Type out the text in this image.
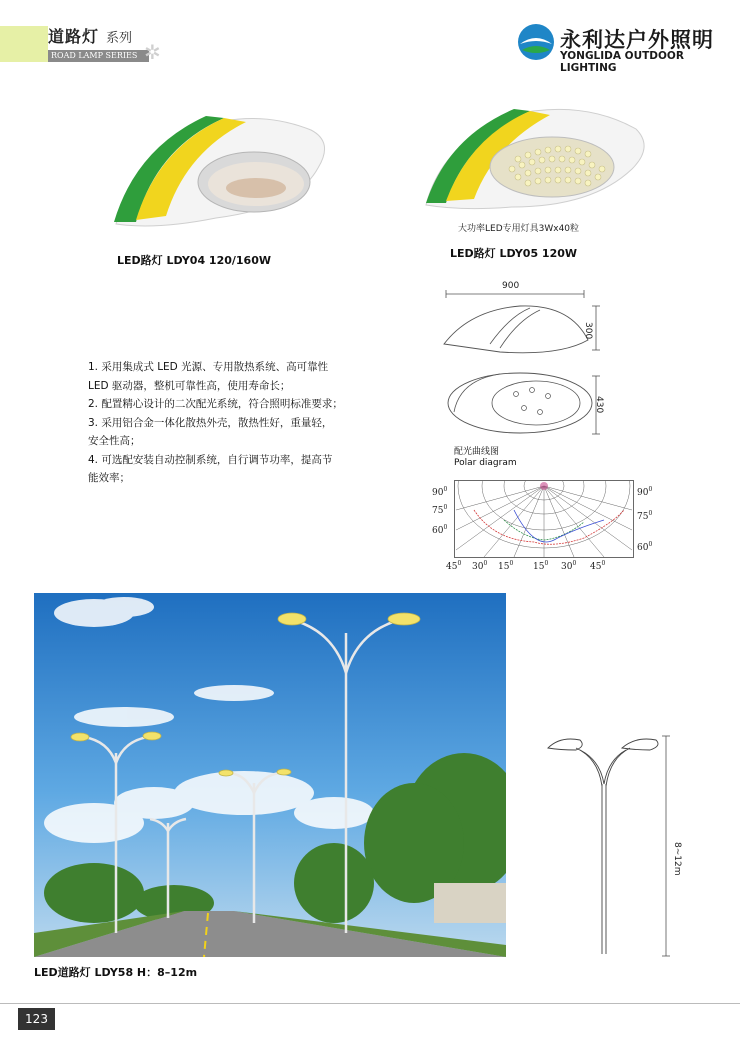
道路灯 系列
ROAD LAMP SERIES ✲	永利达户外照明
YONGLIDA OUTDOOR LIGHTING
LED路灯 LDY04 120/160W
大功率LED专用灯具3Wx40粒
LED路灯 LDY05 120W
900
300
430
1. 采用集成式 LED 光源、专用散热系统、高可靠性
LED 驱动器，整机可靠性高，使用寿命长；
2. 配置精心设计的二次配光系统，符合照明标准要求；
3. 采用铝合金一体化散热外壳，散热性好，重量轻，
安全性高；
4. 可选配安装自动控制系统，自行调节功率，提高节
能效率；
配光曲线图
Polar diagram
$90^0$
$75^0$
$60^0$
$90^0$
$75^0$
$60^0$
$45^0$ $30^0$ $15^0$ $15^0$ $30^0$ $45^0$
8~12m
LED道路灯 LDY58 H：8–12m
123
